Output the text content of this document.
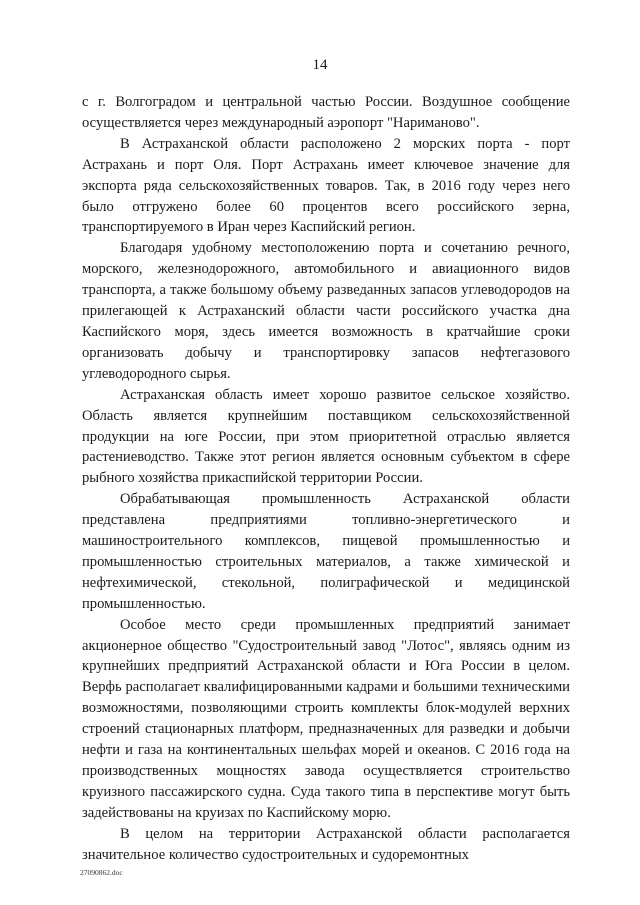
14

с г. Волгоградом и центральной частью России. Воздушное сообщение осуществляется через международный аэропорт "Нариманово".

В Астраханской области расположено 2 морских порта - порт Астрахань и порт Оля. Порт Астрахань имеет ключевое значение для экспорта ряда сельскохозяйственных товаров. Так, в 2016 году через него было отгружено более 60 процентов всего российского зерна, транспортируемого в Иран через Каспийский регион.

Благодаря удобному местоположению порта и сочетанию речного, морского, железнодорожного, автомобильного и авиационного видов транспорта, а также большому объему разведанных запасов углеводородов на прилегающей к Астраханский области части российского участка дна Каспийского моря, здесь имеется возможность в кратчайшие сроки организовать добычу и транспортировку запасов нефтегазового углеводородного сырья.

Астраханская область имеет хорошо развитое сельское хозяйство. Область является крупнейшим поставщиком сельскохозяйственной продукции на юге России, при этом приоритетной отраслью является растениеводство. Также этот регион является основным субъектом в сфере рыбного хозяйства прикаспийской территории России.

Обрабатывающая промышленность Астраханской области представлена предприятиями топливно-энергетического и машиностроительного комплексов, пищевой промышленностью и промышленностью строительных материалов, а также химической и нефтехимической, стекольной, полиграфической и медицинской промышленностью.

Особое место среди промышленных предприятий занимает акционерное общество "Судостроительный завод "Лотос", являясь одним из крупнейших предприятий Астраханской области и Юга России в целом. Верфь располагает квалифицированными кадрами и большими техническими возможностями, позволяющими строить комплекты блок-модулей верхних строений стационарных платформ, предназначенных для разведки и добычи нефти и газа на континентальных шельфах морей и океанов. С 2016 года на производственных мощностях завода осуществляется строительство круизного пассажирского судна. Суда такого типа в перспективе могут быть задействованы на круизах по Каспийскому морю.

В целом на территории Астраханской области располагается значительное количество судостроительных и судоремонтных

27090862.doc
